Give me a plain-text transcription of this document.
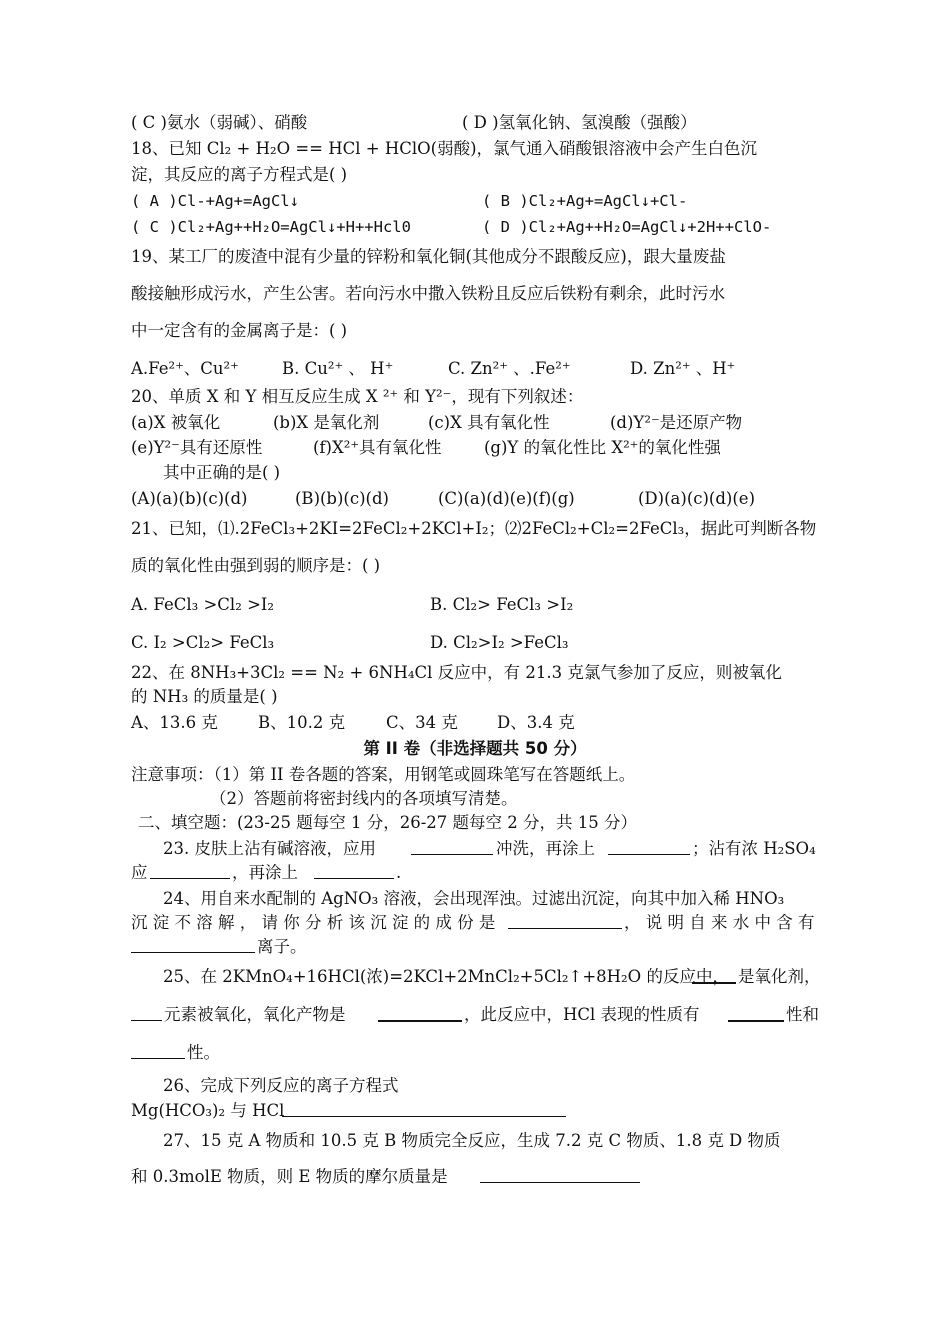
( C )氨水（弱碱）、硝酸	( D )氢氧化钠、氢溴酸（强酸）
18、已知 Cl₂ + H₂O == HCl + HClO(弱酸)，氯气通入硝酸银溶液中会产生白色沉
淀，其反应的离子方程式是( )
( A )Cl-+Ag+=AgCl↓	( B )Cl₂+Ag+=AgCl↓+Cl-
( C )Cl₂+Ag++H₂O=AgCl↓+H++Hcl0	( D )Cl₂+Ag++H₂O=AgCl↓+2H++ClO-
19、某工厂的废渣中混有少量的锌粉和氧化铜(其他成分不跟酸反应)，跟大量废盐
酸接触形成污水，产生公害。若向污水中撒入铁粉且反应后铁粉有剩余，此时污水
中一定含有的金属离子是：( )
A.Fe²⁺、Cu²⁺	B. Cu²⁺ 、 H⁺	C. Zn²⁺ 、.Fe²⁺	D. Zn²⁺ 、H⁺
20、单质 X 和 Y 相互反应生成 X ²⁺ 和 Y²⁻，现有下列叙述：
(a)X 被氧化	(b)X 是氧化剂	(c)X 具有氧化性	(d)Y²⁻是还原产物
(e)Y²⁻具有还原性	(f)X²⁺具有氧化性	(g)Y 的氧化性比 X²⁺的氧化性强
其中正确的是( )
(A)(a)(b)(c)(d)	(B)(b)(c)(d)	(C)(a)(d)(e)(f)(g)	(D)(a)(c)(d)(e)
21、已知，⑴.2FeCl₃+2KI=2FeCl₂+2KCl+I₂；⑵2FeCl₂+Cl₂=2FeCl₃，据此可判断各物
质的氧化性由强到弱的顺序是：( )
A. FeCl₃ >Cl₂ >I₂	B. Cl₂> FeCl₃ >I₂
C. I₂ >Cl₂> FeCl₃	D. Cl₂>I₂ >FeCl₃
22、在 8NH₃+3Cl₂ == N₂ + 6NH₄Cl 反应中，有 21.3 克氯气参加了反应，则被氧化
的 NH₃ 的质量是( )
A、13.6 克 B、10.2 克 C、34 克 D、3.4 克
第 II 卷（非选择题共 50 分）
注意事项：（1）第 II 卷各题的答案，用钢笔或圆珠笔写在答题纸上。
（2）答题前将密封线内的各项填写清楚。
二、填空题：(23-25 题每空 1 分，26-27 题每空 2 分，共 15 分）
23. 皮肤上沾有碱溶液，应用	冲洗，再涂上	；沾有浓 H₂SO₄
应	，再涂上	.
24、用自来水配制的 AgNO₃ 溶液，会出现浑浊。过滤出沉淀，向其中加入稀 HNO₃
沉 淀 不 溶 解 ， 请 你 分 析 该 沉 淀 的 成 份 是	， 说 明 自 来 水 中 含 有
离子。
25、在 2KMnO₄+16HCl(浓)=2KCl+2MnCl₂+5Cl₂↑+8H₂O 的反应中， 是氧化剂，
元素被氧化，氧化产物是	，此反应中，HCl 表现的性质有	性和
性。
26、完成下列反应的离子方程式
Mg(HCO₃)₂ 与 HCl
27、15 克 A 物质和 10.5 克 B 物质完全反应，生成 7.2 克 C 物质、1.8 克 D 物质
和 0.3molE 物质，则 E 物质的摩尔质量是
